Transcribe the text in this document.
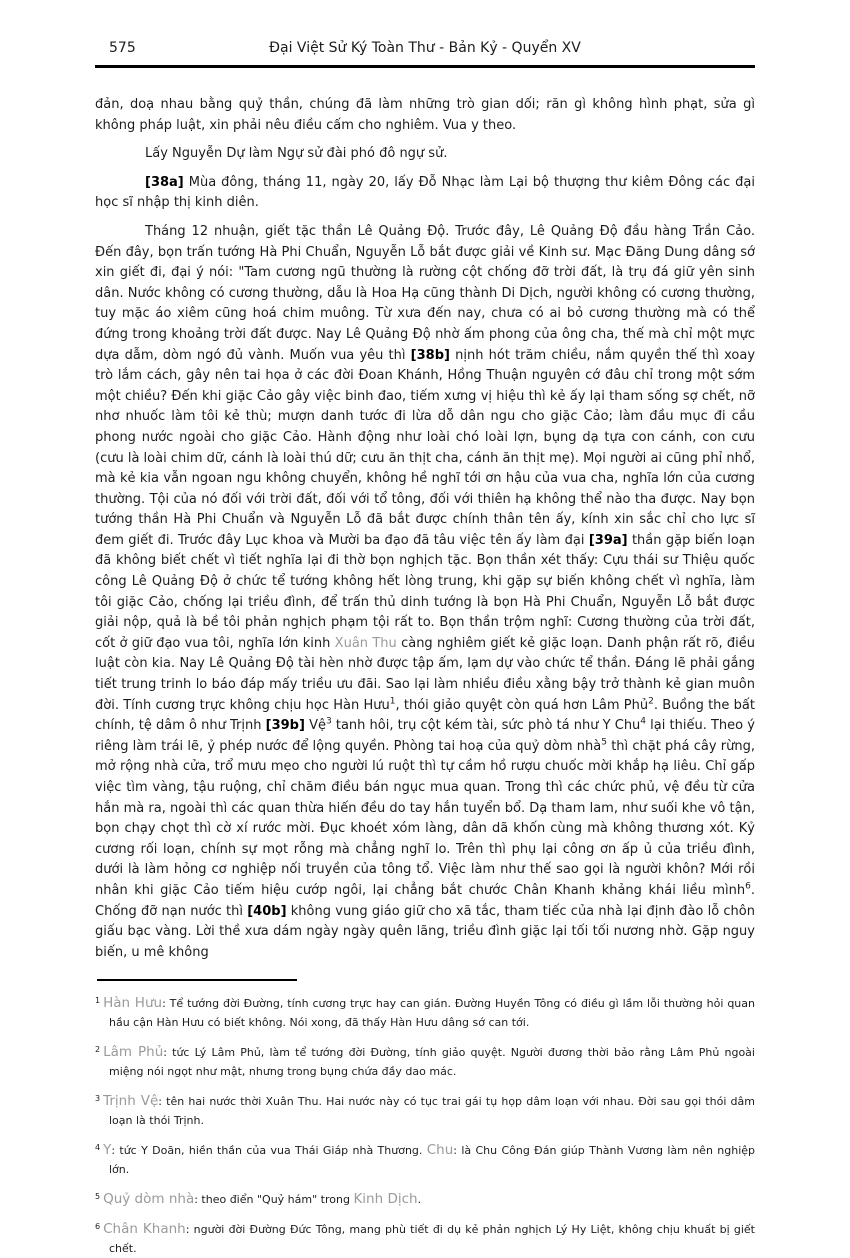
575	Đại Việt Sử Ký Toàn Thư - Bản Kỷ - Quyển XV

đản, doạ nhau bằng quỷ thần, chúng đã làm những trò gian dối; răn gì không hình phạt, sửa gì không pháp luật, xin phải nêu điều cấm cho nghiêm. Vua y theo.

Lấy Nguyễn Dự làm Ngự sử đài phó đô ngự sử.

[38a] Mùa đông, tháng 11, ngày 20, lấy Đỗ Nhạc làm Lại bộ thượng thư kiêm Đông các đại học sĩ nhập thị kinh diên.

Tháng 12 nhuận, giết tặc thần Lê Quảng Độ. Trước đây, Lê Quảng Độ đầu hàng Trần Cảo. Đến đây, bọn trấn tướng Hà Phi Chuẩn, Nguyễn Lỗ bắt được giải về Kinh sư. Mạc Đăng Dung dâng sớ xin giết đi, đại ý nói: "Tam cương ngũ thường là rường cột chống đỡ trời đất, là trụ đá giữ yên sinh dân. Nước không có cương thường, dẫu là Hoa Hạ cũng thành Di Dịch, người không có cương thường, tuy mặc áo xiêm cũng hoá chim muông. Từ xưa đến nay, chưa có ai bỏ cương thường mà có thể đứng trong khoảng trời đất được. Nay Lê Quảng Độ nhờ ấm phong của ông cha, thế mà chỉ một mực dựa dẫm, dòm ngó đủ vành. Muốn vua yêu thì [38b] nịnh hót trăm chiều, nắm quyền thế thì xoay trò lắm cách, gây nên tai họa ở các đời Đoan Khánh, Hồng Thuận nguyên cớ đâu chỉ trong một sớm một chiều? Đến khi giặc Cảo gây việc binh đao, tiếm xưng vị hiệu thì kẻ ấy lại tham sống sợ chết, nỡ nhơ nhuốc làm tôi kẻ thù; mượn danh tước đi lừa dỗ dân ngu cho giặc Cảo; làm đầu mục đi cầu phong nước ngoài cho giặc Cảo. Hành động như loài chó loài lợn, bụng dạ tựa con cánh, con cưu (cưu là loài chim dữ, cánh là loài thú dữ; cưu ăn thịt cha, cánh ăn thịt mẹ). Mọi người ai cũng phỉ nhổ, mà kẻ kia vẫn ngoan ngu không chuyển, không hề nghĩ tới ơn hậu của vua cha, nghĩa lớn của cương thường. Tội của nó đối với trời đất, đối với tổ tông, đối với thiên hạ không thể nào tha được. Nay bọn tướng thần Hà Phi Chuẩn và Nguyễn Lỗ đã bắt được chính thân tên ấy, kính xin sắc chỉ cho lực sĩ đem giết đi. Trước đây Lục khoa và Mười ba đạo đã tâu việc tên ấy làm đại [39a] thần gặp biến loạn đã không biết chết vì tiết nghĩa lại đi thờ bọn nghịch tặc. Bọn thần xét thấy: Cựu thái sư Thiệu quốc công Lê Quảng Độ ở chức tể tướng không hết lòng trung, khi gặp sự biến không chết vì nghĩa, làm tôi giặc Cảo, chống lại triều đình, để trấn thủ dinh tướng là bọn Hà Phi Chuẩn, Nguyễn Lỗ bắt được giải nộp, quả là bề tôi phản nghịch phạm tội rất to. Bọn thần trộm nghĩ: Cương thường của trời đất, cốt ở giữ đạo vua tôi, nghĩa lớn kinh Xuân Thu càng nghiêm giết kẻ giặc loạn. Danh phận rất rõ, điều luật còn kia. Nay Lê Quảng Độ tài hèn nhờ được tập ấm, lạm dự vào chức tể thần. Đáng lẽ phải gắng tiết trung trinh lo báo đáp mấy triều ưu đãi. Sao lại làm nhiều điều xằng bậy trở thành kẻ gian muôn đời. Tính cương trực không chịu học Hàn Hưu$^1$, thói giảo quyệt còn quá hơn Lâm Phủ$^2$. Buồng the bất chính, tệ dâm ô như Trịnh [39b] Vệ$^3$ tanh hôi, trụ cột kém tài, sức phò tá như Y Chu$^4$ lại thiếu. Theo ý riêng làm trái lẽ, ỷ phép nước để lộng quyền. Phòng tai hoạ của quỷ dòm nhà$^5$ thì chặt phá cây rừng, mở rộng nhà cửa, trổ mưu mẹo cho người lú ruột thì tự cầm hồ rượu chuốc mời khắp hạ liêu. Chỉ gấp việc tìm vàng, tậu ruộng, chỉ chăm điều bán ngục mua quan. Trong thì các chức phủ, vệ đều từ cửa hắn mà ra, ngoài thì các quan thừa hiến đều do tay hắn tuyển bổ. Dạ tham lam, như suối khe vô tận, bọn chạy chọt thì cờ xí rước mời. Đục khoét xóm làng, dân dã khốn cùng mà không thương xót. Kỷ cương rối loạn, chính sự mọt rỗng mà chẳng nghĩ lo. Trên thì phụ lại công ơn ấp ủ của triều đình, dưới là làm hỏng cơ nghiệp nối truyền của tông tổ. Việc làm như thế sao gọi là người khôn? Mới rồi nhân khi giặc Cảo tiếm hiệu cướp ngôi, lại chẳng bắt chước Chân Khanh khảng khái liều mình$^6$. Chống đỡ nạn nước thì [40b] không vung giáo giữ cho xã tắc, tham tiếc của nhà lại định đào lỗ chôn giấu bạc vàng. Lời thề xưa dám ngày ngày quên lãng, triều đình giặc lại tối tối nương nhờ. Gặp nguy biến, u mê không

$^1$ Hàn Hưu: Tể tướng đời Đường, tính cương trực hay can gián. Đường Huyền Tông có điều gì lầm lỗi thường hỏi quan hầu cận Hàn Hưu có biết không. Nói xong, đã thấy Hàn Hưu dâng sớ can tới.
$^2$ Lâm Phủ: tức Lý Lâm Phủ, làm tể tướng đời Đường, tính giảo quyệt. Người đương thời bảo rằng Lâm Phủ ngoài miệng nói ngọt như mật, nhưng trong bụng chứa đầy dao mác.
$^3$ Trịnh Vệ: tên hai nước thời Xuân Thu. Hai nước này có tục trai gái tụ họp dâm loạn với nhau. Đời sau gọi thói dâm loạn là thói Trịnh.
$^4$ Y: tức Y Doãn, hiền thần của vua Thái Giáp nhà Thương. Chu: là Chu Công Đán giúp Thành Vương làm nên nghiệp lớn.
$^5$ Quỷ dòm nhà: theo điển "Quỷ hám" trong Kinh Dịch.
$^6$ Chân Khanh: người đời Đường Đức Tông, mang phù tiết đi dụ kẻ phản nghịch Lý Hy Liệt, không chịu khuất bị giết chết.
